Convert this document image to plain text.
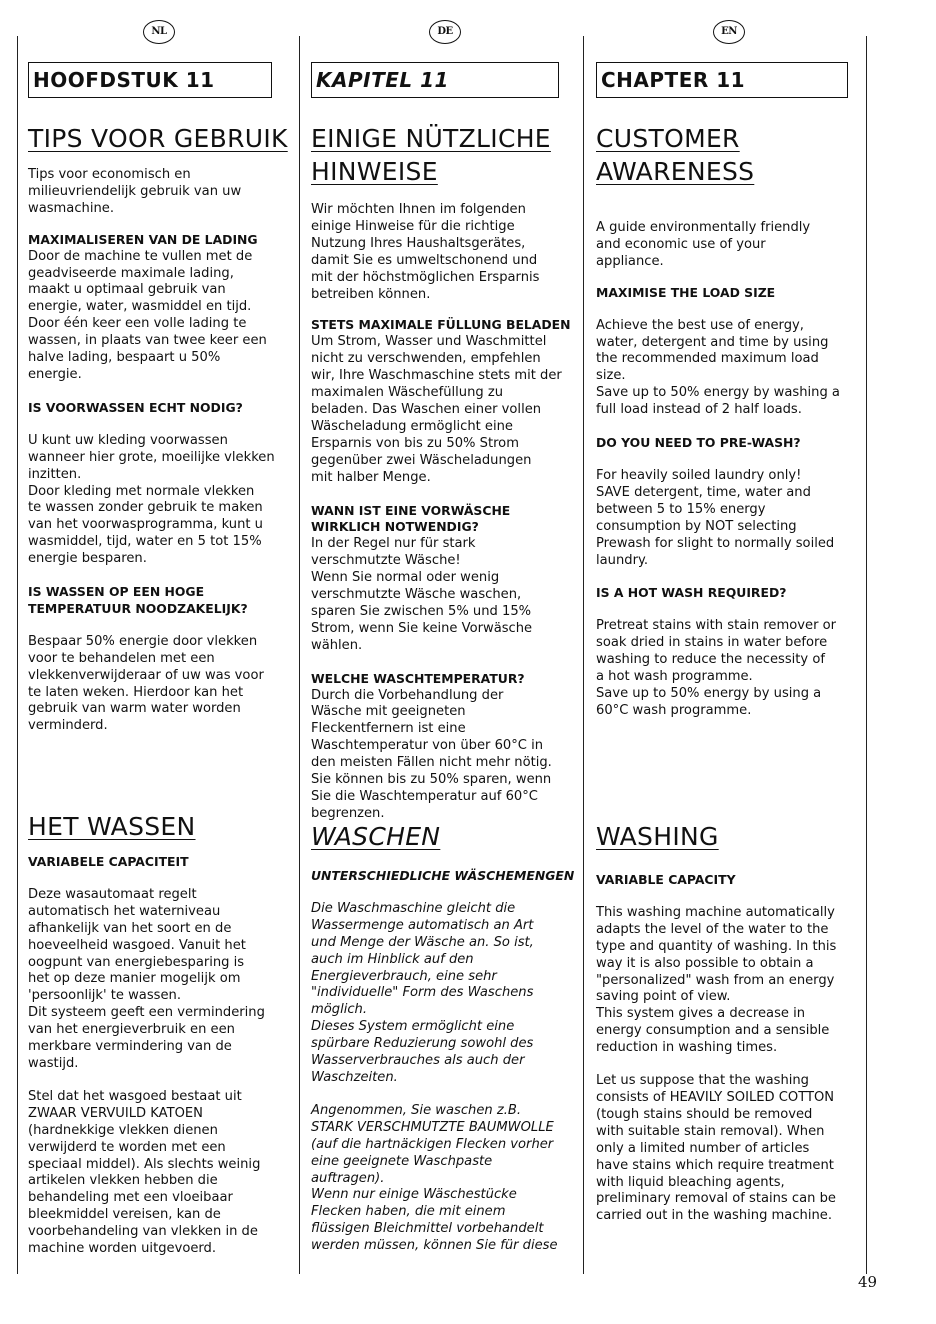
NL
HOOFDSTUK 11
TIPS VOOR GEBRUIK

Tips voor economisch en
milieuvriendelijk gebruik van uw
wasmachine.

MAXIMALISEREN VAN DE LADING

Door de machine te vullen met de
geadviseerde maximale lading,
maakt u optimaal gebruik van
energie, water, wasmiddel en tijd.
Door één keer een volle lading te
wassen, in plaats van twee keer een
halve lading, bespaart u 50%
energie.

IS VOORWASSEN ECHT NODIG?

U kunt uw kleding voorwassen
wanneer hier grote, moeilijke vlekken
inzitten.
Door kleding met normale vlekken
te wassen zonder gebruik te maken
van het voorwasprogramma, kunt u
wasmiddel, tijd, water en 5 tot 15%
energie besparen.

IS WASSEN OP EEN HOGE
TEMPERATUUR NOODZAKELIJK?

Bespaar 50% energie door vlekken
voor te behandelen met een
vlekkenverwijderaar of uw was voor
te laten weken. Hierdoor kan het
gebruik van warm water worden
verminderd.

HET WASSEN

VARIABELE CAPACITEIT

Deze wasautomaat regelt
automatisch het waterniveau
afhankelijk van het soort en de
hoeveelheid wasgoed. Vanuit het
oogpunt van energiebesparing is
het op deze manier mogelijk om
'persoonlijk' te wassen.
Dit systeem geeft een vermindering
van het energieverbruik en een
merkbare vermindering van de
wastijd.

Stel dat het wasgoed bestaat uit
ZWAAR VERVUILD KATOEN
(hardnekkige vlekken dienen
verwijderd te worden met een
speciaal middel). Als slechts weinig
artikelen vlekken hebben die
behandeling met een vloeibaar
bleekmiddel vereisen, kan de
voorbehandeling van vlekken in de
machine worden uitgevoerd.

DE
KAPITEL 11
EINIGE NÜTZLICHE
HINWEISE

Wir möchten Ihnen im folgenden
einige Hinweise für die richtige
Nutzung Ihres Haushaltsgerätes,
damit Sie es umweltschonend und
mit der höchstmöglichen Ersparnis
betreiben können.

STETS MAXIMALE FÜLLUNG BELADEN

Um Strom, Wasser und Waschmittel
nicht zu verschwenden, empfehlen
wir, Ihre Waschmaschine stets mit der
maximalen Wäschefüllung zu
beladen. Das Waschen einer vollen
Wäscheladung ermöglicht eine
Ersparnis von bis zu 50% Strom
gegenüber zwei Wäscheladungen
mit halber Menge.

WANN IST EINE VORWÄSCHE
WIRKLICH NOTWENDIG?

In der Regel nur für stark
verschmutzte Wäsche!
Wenn Sie normal oder wenig
verschmutzte Wäsche waschen,
sparen Sie zwischen 5% und 15%
Strom, wenn Sie keine Vorwäsche
wählen.

WELCHE WASCHTEMPERATUR?

Durch die Vorbehandlung der
Wäsche mit geeigneten
Fleckentfernern ist eine
Waschtemperatur von über 60°C in
den meisten Fällen nicht mehr nötig.
Sie können bis zu 50% sparen, wenn
Sie die Waschtemperatur auf 60°C
begrenzen.

WASCHEN

UNTERSCHIEDLICHE WÄSCHEMENGEN

Die Waschmaschine gleicht die
Wassermenge automatisch an Art
und Menge der Wäsche an. So ist,
auch im Hinblick auf den
Energieverbrauch, eine sehr
"individuelle" Form des Waschens
möglich.
Dieses System ermöglicht eine
spürbare Reduzierung sowohl des
Wasserverbrauches als auch der
Waschzeiten.

Angenommen, Sie waschen z.B.
STARK VERSCHMUTZTE BAUMWOLLE
(auf die hartnäckigen Flecken vorher
eine geeignete Waschpaste
auftragen).
Wenn nur einige Wäschestücke
Flecken haben, die mit einem
flüssigen Bleichmittel vorbehandelt
werden müssen, können Sie für diese

EN
CHAPTER 11
CUSTOMER
AWARENESS

A guide environmentally friendly
and economic use of your
appliance.

MAXIMISE THE LOAD SIZE

Achieve the best use of energy,
water, detergent and time by using
the recommended maximum load
size.
Save up to 50% energy by washing a
full load instead of 2 half loads.

DO YOU NEED TO PRE-WASH?

For heavily soiled laundry only!
SAVE detergent, time, water and
between 5 to 15% energy
consumption by NOT selecting
Prewash for slight to normally soiled
laundry.

IS A HOT WASH REQUIRED?

Pretreat stains with stain remover or
soak dried in stains in water before
washing to reduce the necessity of
a hot wash programme.
Save up to 50% energy by using a
60°C wash programme.

WASHING

VARIABLE CAPACITY

This washing machine automatically
adapts the level of the water to the
type and quantity of washing. In this
way it is also possible to obtain a
"personalized" wash from an energy
saving point of view.
This system gives a decrease in
energy consumption and a sensible
reduction in washing times.

Let us suppose that the washing
consists of HEAVILY SOILED COTTON
(tough stains should be removed
with suitable stain removal). When
only a limited number of articles
have stains which require treatment
with liquid bleaching agents,
preliminary removal of stains can be
carried out in the washing machine.

49
